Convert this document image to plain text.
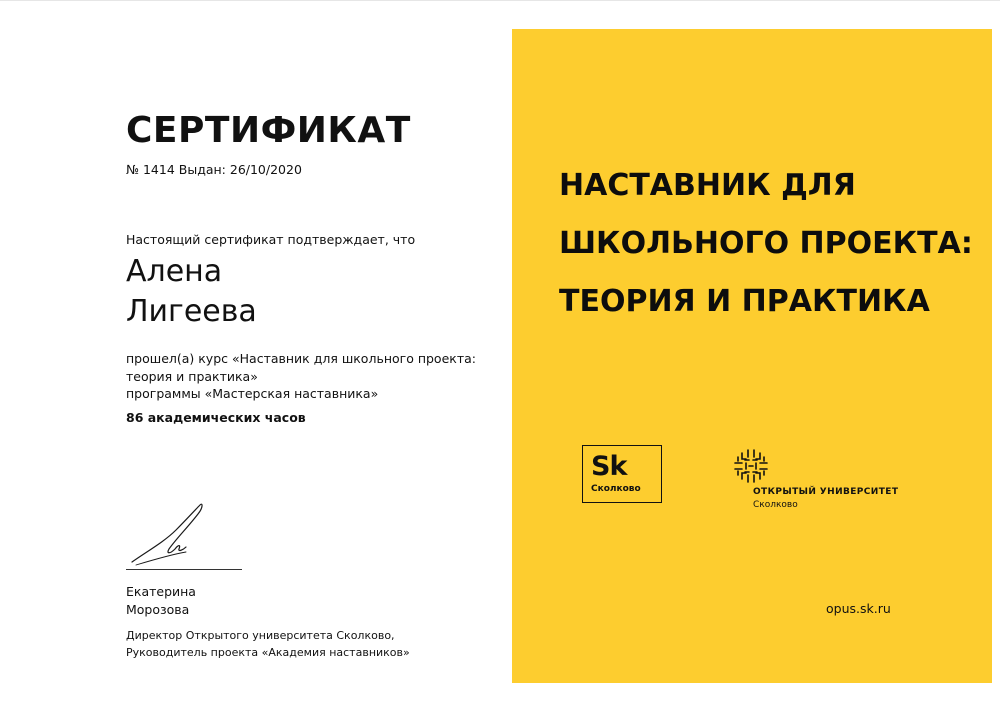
СЕРТИФИКАТ
№ 1414 Выдан: 26/10/2020
Настоящий сертификат подтверждает, что
Алена
Лигеева
прошел(а) курс «Наставник для школьного проекта: теория и практика»
программы «Мастерская наставника»
86 академических часов
Екатерина
Морозова
Директор Открытого университета Сколково,
Руководитель проекта «Академия наставников»
НАСТАВНИК ДЛЯ ШКОЛЬНОГО ПРОЕКТА: ТЕОРИЯ И ПРАКТИКА
Sk
Сколково	ОТКРЫТЫЙ УНИВЕРСИТЕТ
Сколково
opus.sk.ru
